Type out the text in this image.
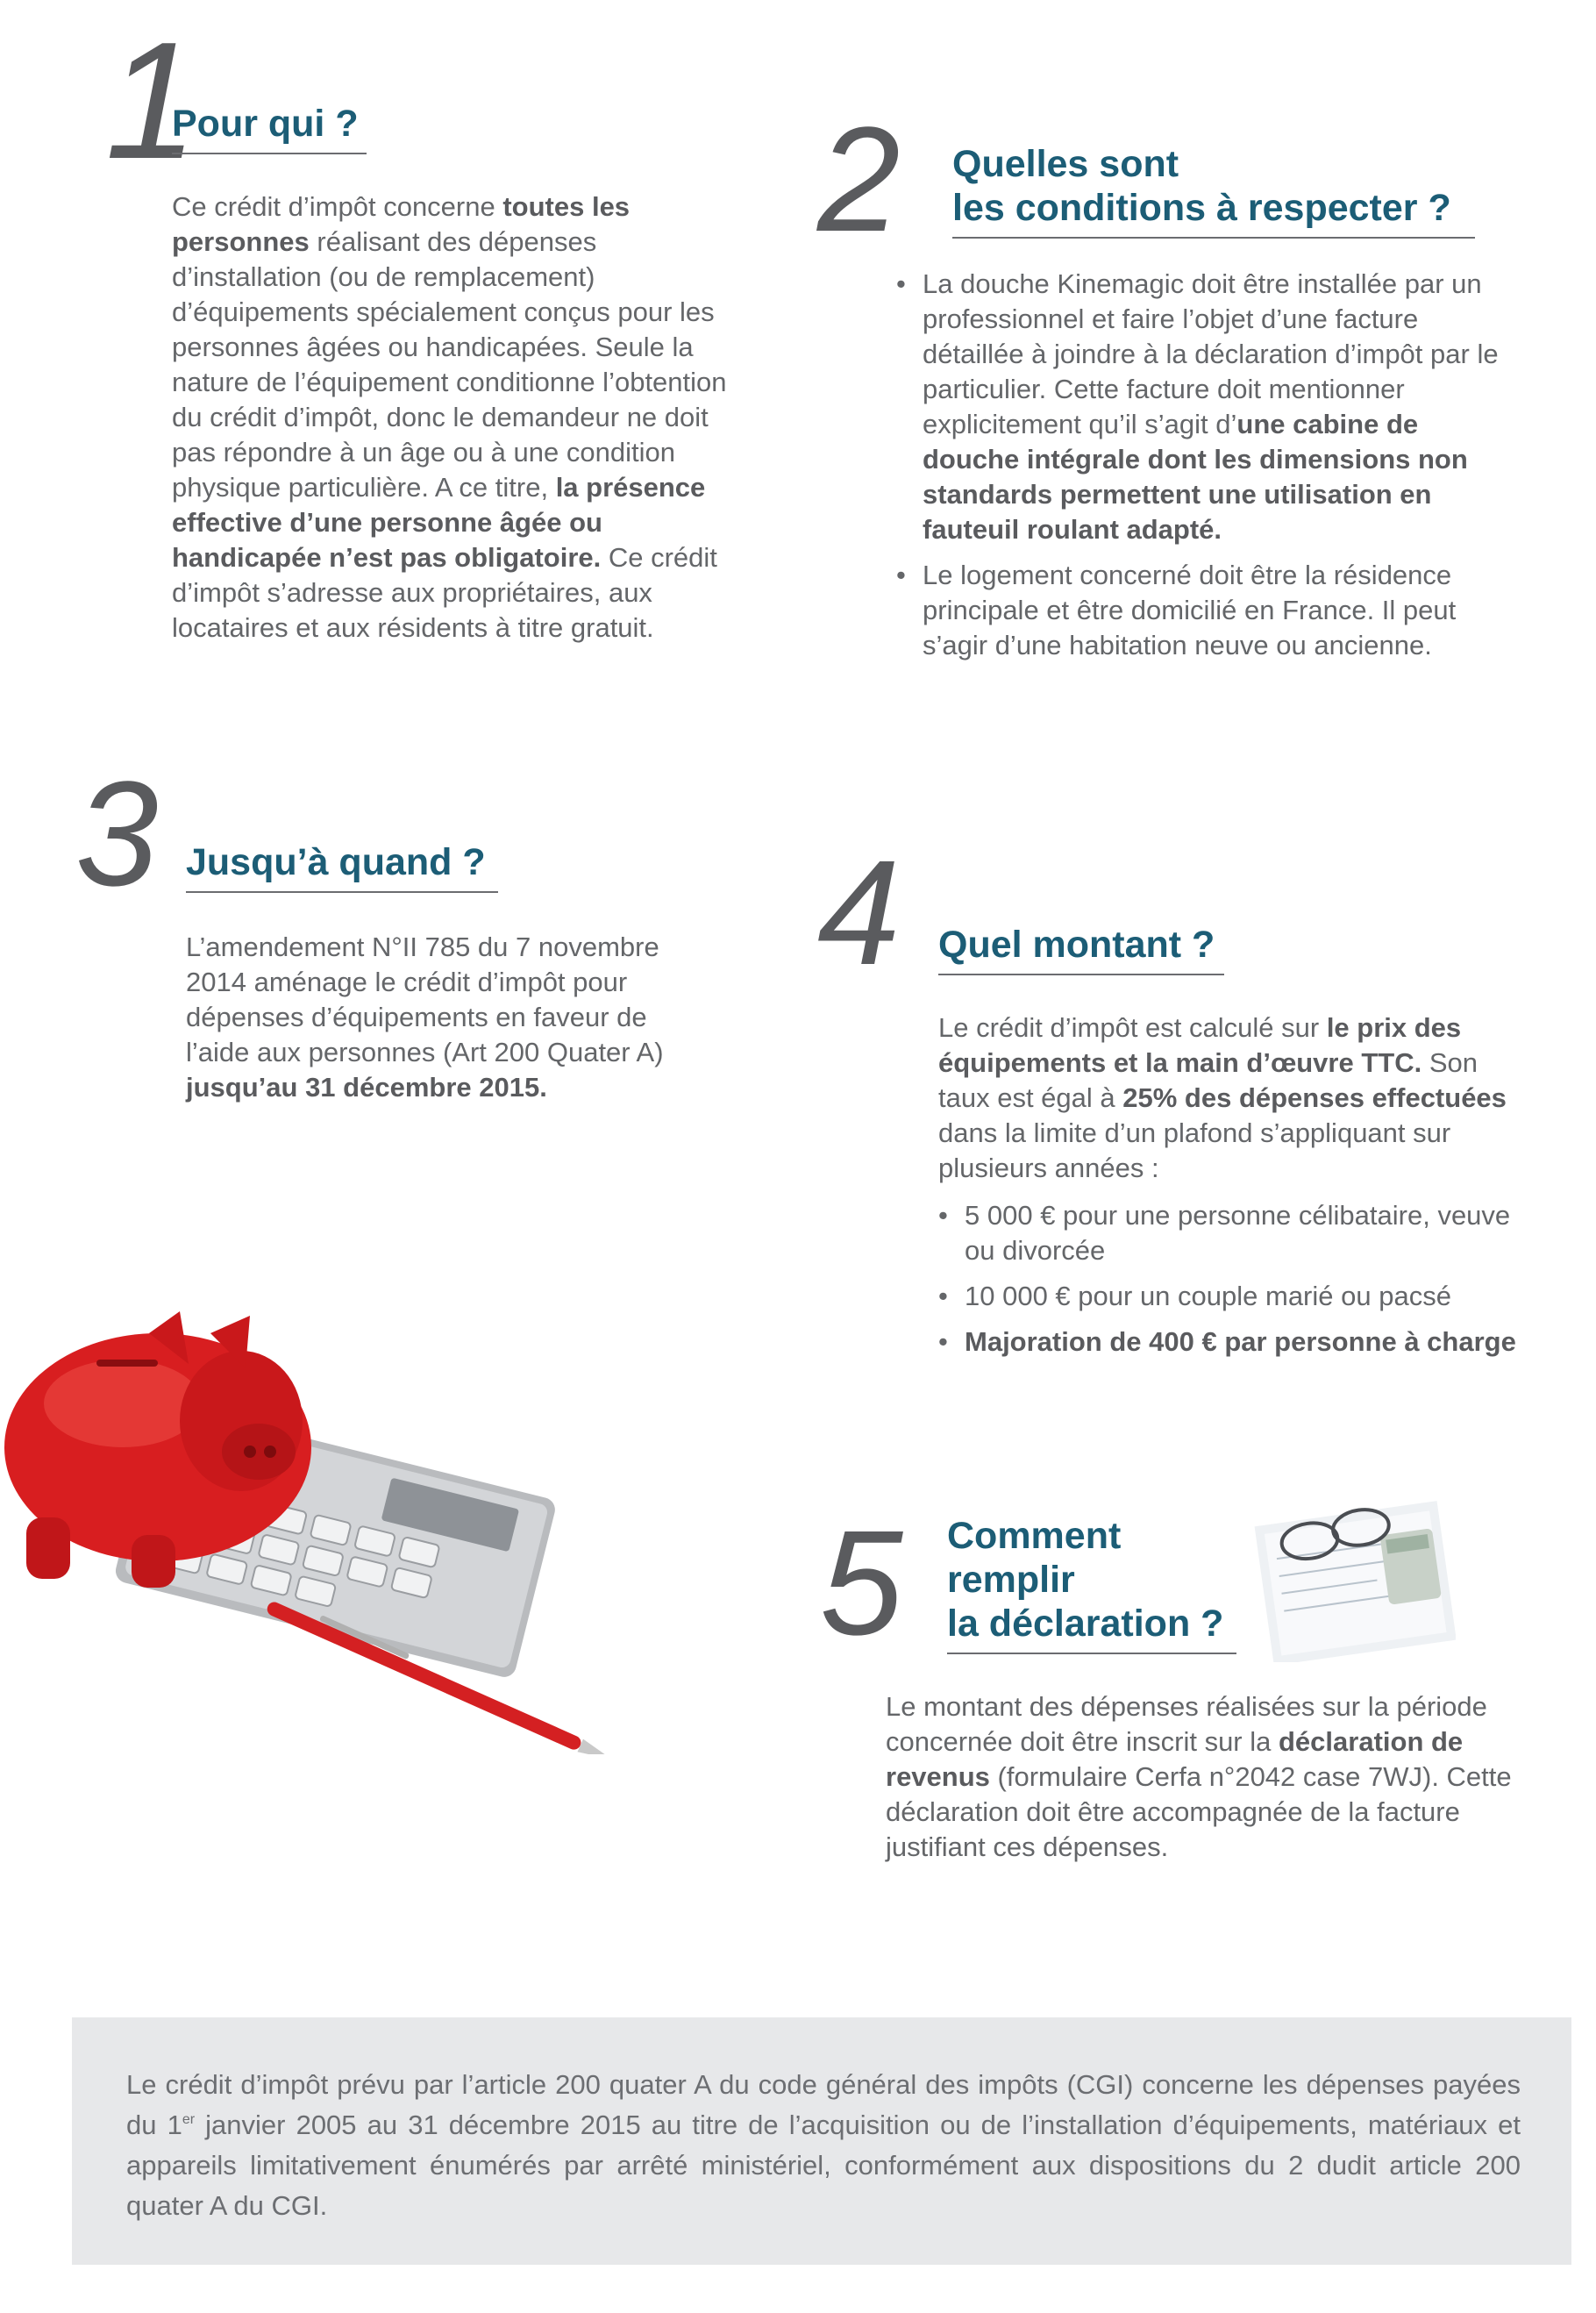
1
Pour qui ?
Ce crédit d’impôt concerne toutes les personnes réalisant des dépenses d’installation (ou de remplacement) d’équipements spécialement conçus pour les personnes âgées ou handicapées. Seule la nature de l’équipement conditionne l’obtention du crédit d’impôt, donc le demandeur ne doit pas répondre à un âge ou à une condition physique particulière. A ce titre, la présence effective d’une personne âgée ou handicapée n’est pas obligatoire. Ce crédit d’impôt s’adresse aux propriétaires, aux locataires et aux résidents à titre gratuit.
2 Quelles sont
les conditions à respecter ?
• La douche Kinemagic doit être installée par un professionnel et faire l’objet d’une facture détaillée à joindre à la déclaration d’impôt par le particulier. Cette facture doit mentionner explicitement qu’il s’agit d’une cabine de douche intégrale dont les dimensions non standards permettent une utilisation en fauteuil roulant adapté.
• Le logement concerné doit être la résidence principale et être domicilié en France. Il peut s’agir d’une habitation neuve ou ancienne.
3 Jusqu’à quand ?
L’amendement N°II 785 du 7 novembre 2014 aménage le crédit d’impôt pour dépenses d’équipements en faveur de l’aide aux personnes (Art 200 Quater A) jusqu’au 31 décembre 2015.
4 Quel montant ?
Le crédit d’impôt est calculé sur le prix des équipements et la main d’œuvre TTC. Son taux est égal à 25% des dépenses effectuées dans la limite d’un plafond s’appliquant sur plusieurs années :
• 5 000 € pour une personne célibataire, veuve ou divorcée
• 10 000 € pour un couple marié ou pacsé
• Majoration de 400 € par personne à charge
5 Comment
remplir
la déclaration ?
Le montant des dépenses réalisées sur la période concernée doit être inscrit sur la déclaration de revenus (formulaire Cerfa n°2042 case 7WJ). Cette déclaration doit être accompagnée de la facture justifiant ces dépenses.
Le crédit d’impôt prévu par l’article 200 quater A du code général des impôts (CGI) concerne les dépenses payées du 1er janvier 2005 au 31 décembre 2015 au titre de l’acquisition ou de l’installation d’équipements, matériaux et appareils limitativement énumérés par arrêté ministériel, conformément aux dispositions du 2 dudit article 200 quater A du CGI.
